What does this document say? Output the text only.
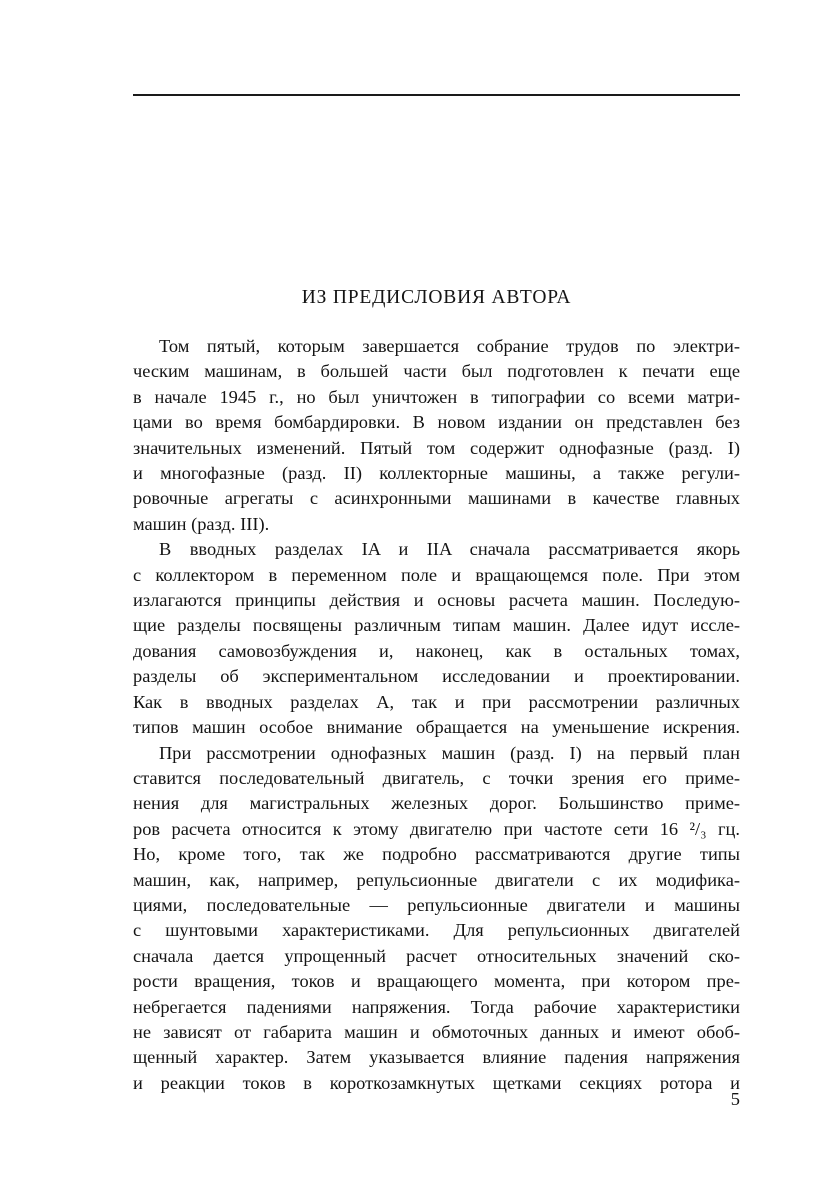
ИЗ ПРЕДИСЛОВИЯ АВТОРА

Том пятый, которым завершается собрание трудов по электри-
ческим машинам, в большей части был подготовлен к печати еще
в начале 1945 г., но был уничтожен в типографии со всеми матри-
цами во время бомбардировки. В новом издании он представлен без
значительных изменений. Пятый том содержит однофазные (разд. I)
и многофазные (разд. II) коллекторные машины, а также регули-
ровочные агрегаты с асинхронными машинами в качестве главных
машин (разд. III).

В вводных разделах IA и IIA сначала рассматривается якорь
с коллектором в переменном поле и вращающемся поле. При этом
излагаются принципы действия и основы расчета машин. Последую-
щие разделы посвящены различным типам машин. Далее идут иссле-
дования самовозбуждения и, наконец, как в остальных томах,
разделы об экспериментальном исследовании и проектировании.
Как в вводных разделах А, так и при рассмотрении различных
типов машин особое внимание обращается на уменьшение искрения.

При рассмотрении однофазных машин (разд. I) на первый план
ставится последовательный двигатель, с точки зрения его приме-
нения для магистральных железных дорог. Большинство приме-
ров расчета относится к этому двигателю при частоте сети 16 ²/₃ гц.
Но, кроме того, так же подробно рассматриваются другие типы
машин, как, например, репульсионные двигатели с их модифика-
циями, последовательные — репульсионные двигатели и машины
с шунтовыми характеристиками. Для репульсионных двигателей
сначала дается упрощенный расчет относительных значений ско-
рости вращения, токов и вращающего момента, при котором пре-
небрегается падениями напряжения. Тогда рабочие характеристики
не зависят от габарита машин и обмоточных данных и имеют обоб-
щенный характер. Затем указывается влияние падения напряжения
и реакции токов в короткозамкнутых щетками секциях ротора и

5
